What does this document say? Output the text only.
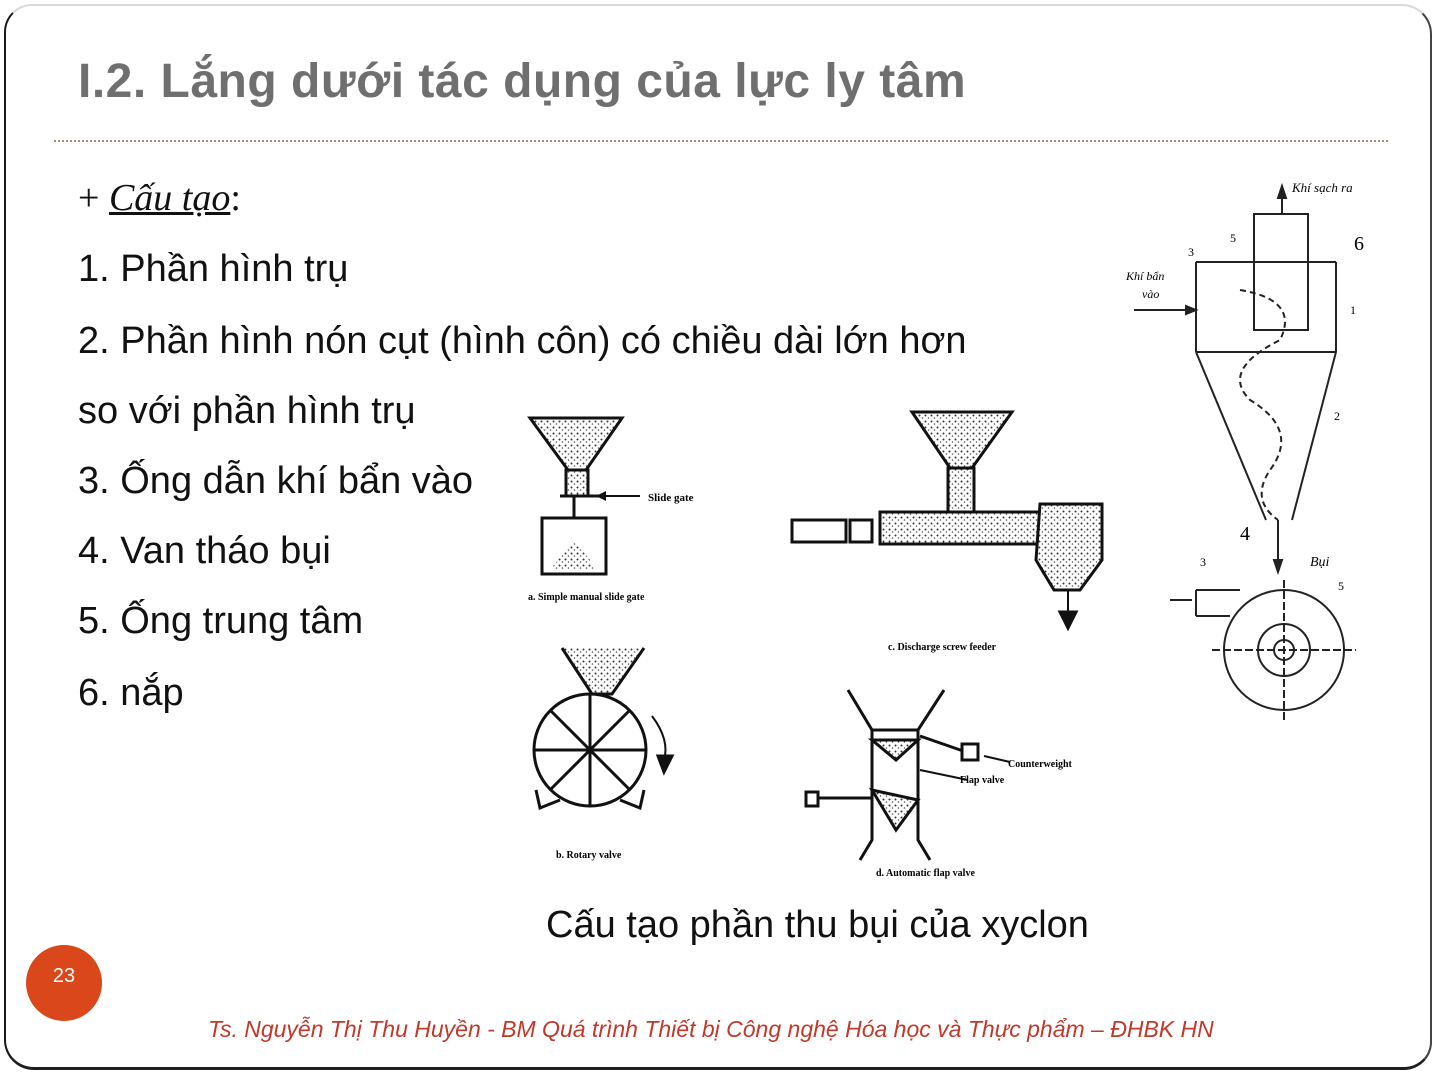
I.2. Lắng dưới tác dụng của lực ly tâm
+ Cấu tạo:
1. Phần hình trụ
2. Phần hình nón cụt (hình côn) có chiều dài lớn hơn
so với phần hình trụ
3. Ống dẫn khí bẩn vào
4. Van tháo bụi
5. Ống trung tâm
6. nắp
Slide gate
a. Simple manual slide gate
c. Discharge screw feeder
b. Rotary valve
Counterweight
Flap valve
d. Automatic flap valve
Khí sạch ra
Khí bẩn
vào
Bụi
1
2
3
3
4
5
5
6
Cấu tạo phần thu bụi của xyclon
23
Ts. Nguyễn Thị Thu Huyền - BM Quá trình Thiết bị Công nghệ Hóa học và Thực phẩm – ĐHBK HN
